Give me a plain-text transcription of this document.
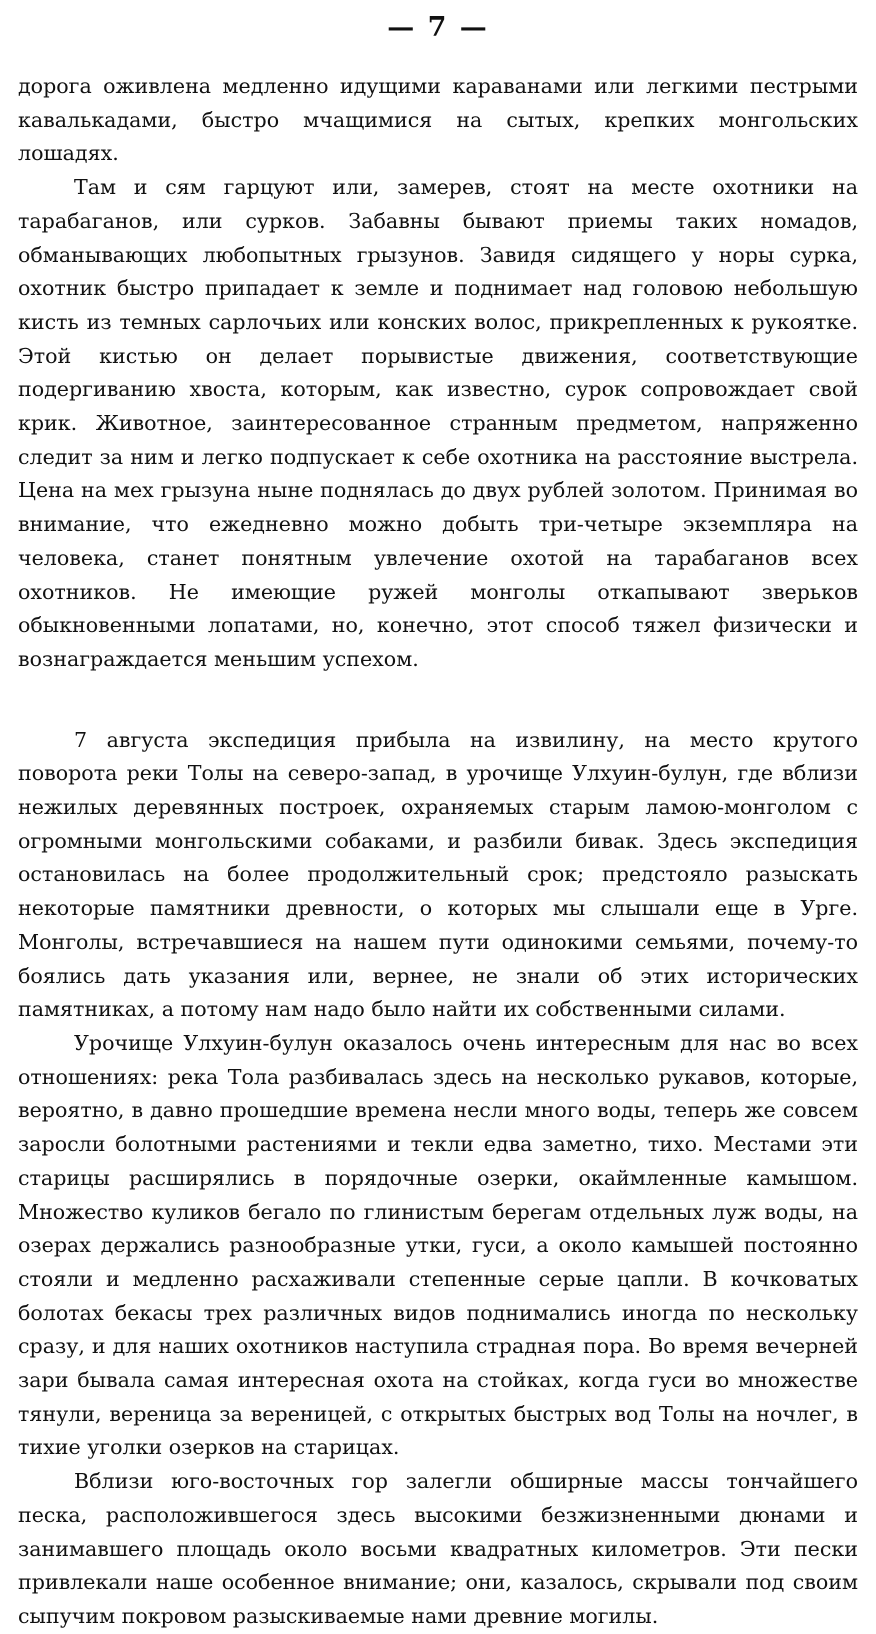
— 7 —

дорога оживлена медленно идущими караванами или легкими пестрыми кавалькадами, быстро мчащимися на сытых, крепких монгольских лошадях.

Там и сям гарцуют или, замерев, стоят на месте охотники на тарабаганов, или сурков. Забавны бывают приемы таких номадов, обманывающих любопытных грызунов. Завидя сидящего у норы сурка, охотник быстро припадает к земле и поднимает над головою небольшую кисть из темных сарлочьих или конских волос, прикрепленных к рукоятке. Этой кистью он делает порывистые движения, соответствующие подергиванию хвоста, которым, как известно, сурок сопровождает свой крик. Животное, заинтересованное странным предметом, напряженно следит за ним и легко подпускает к себе охотника на расстояние выстрела. Цена на мех грызуна ныне поднялась до двух рублей золотом. Принимая во внимание, что ежедневно можно добыть три-четыре экземпляра на человека, станет понятным увлечение охотой на тарабаганов всех охотников. Не имеющие ружей монголы откапывают зверьков обыкновенными лопатами, но, конечно, этот способ тяжел физически и вознаграждается меньшим успехом.

7 августа экспедиция прибыла на извилину, на место крутого поворота реки Толы на северо-запад, в урочище Улхуин-булун, где вблизи нежилых деревянных построек, охраняемых старым ламою-монголом с огромными монгольскими собаками, и разбили бивак. Здесь экспедиция остановилась на более продолжительный срок; предстояло разыскать некоторые памятники древности, о которых мы слышали еще в Урге. Монголы, встречавшиеся на нашем пути одинокими семьями, почему-то боялись дать указания или, вернее, не знали об этих исторических памятниках, а потому нам надо было найти их собственными силами.

Урочище Улхуин-булун оказалось очень интересным для нас во всех отношениях: река Тола разбивалась здесь на несколько рукавов, которые, вероятно, в давно прошедшие времена несли много воды, теперь же совсем заросли болотными растениями и текли едва заметно, тихо. Местами эти старицы расширялись в порядочные озерки, окаймленные камышом. Множество куликов бегало по глинистым берегам отдельных луж воды, на озерах держались разнообразные утки, гуси, а около камышей постоянно стояли и медленно расхаживали степенные серые цапли. В кочковатых болотах бекасы трех различных видов поднимались иногда по нескольку сразу, и для наших охотников наступила страдная пора. Во время вечерней зари бывала самая интересная охота на стойках, когда гуси во множестве тянули, вереница за вереницей, с открытых быстрых вод Толы на ночлег, в тихие уголки озерков на старицах.

Вблизи юго-восточных гор залегли обширные массы тончайшего песка, расположившегося здесь высокими безжизненными дюнами и занимавшего площадь около восьми квадратных километров. Эти пески привлекали наше особенное внимание; они, казалось, скрывали под своим сыпучим покровом разыскиваемые нами древние могилы.
